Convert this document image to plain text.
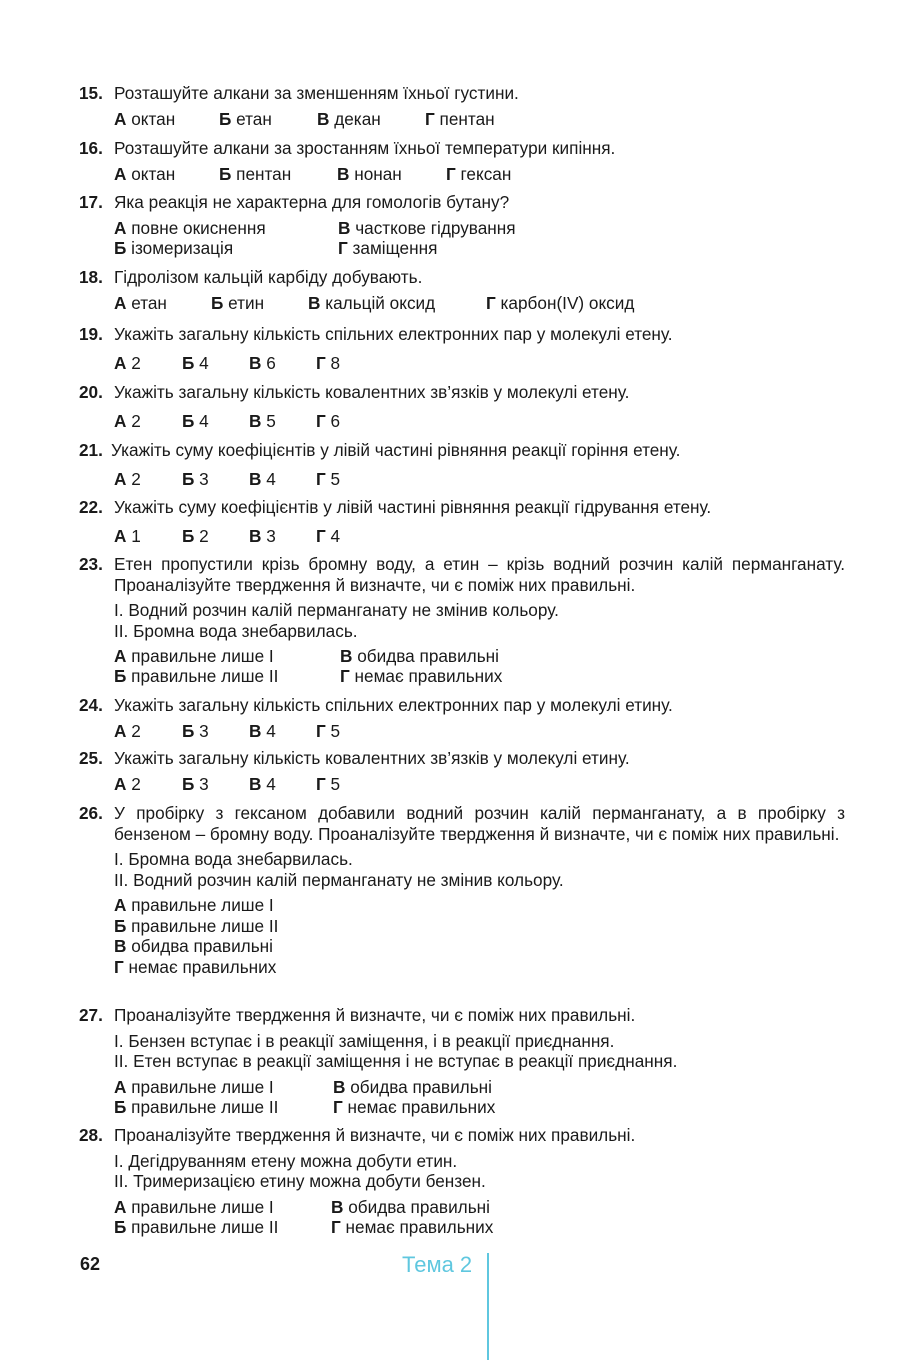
15. Розташуйте алкани за зменшенням їхньої густини.
А октан	Б етан	В декан	Г пентан
16. Розташуйте алкани за зростанням їхньої температури кипіння.
А октан	Б пентан	В нонан	Г гексан
17. Яка реакція не характерна для гомологів бутану?
А повне окиснення	В часткове гідрування
Б ізомеризація	Г заміщення
18. Гідролізом кальцій карбіду добувають.
А етан	Б етин	В кальцій оксид	Г карбон(IV) оксид
19. Укажіть загальну кількість спільних електронних пар у молекулі етену.
А 2 Б 4 В 6 Г 8
20. Укажіть загальну кількість ковалентних зв’язків у молекулі етену.
А 2 Б 4 В 5 Г 6
21. Укажіть суму коефіцієнтів у лівій частині рівняння реакції горіння етену.
А 2 Б 3 В 4 Г 5
22. Укажіть суму коефіцієнтів у лівій частині рівняння реакції гідрування етену.
А 1 Б 2 В 3 Г 4
23. Етен пропустили крізь бромну воду, а етин – крізь водний розчин калій перманганату. Проаналізуйте твердження й визначте, чи є поміж них правильні.
І. Водний розчин калій перманганату не змінив кольору.
ІІ. Бромна вода знебарвилась.
А правильне лише І	В обидва правильні
Б правильне лише ІІ	Г немає правильних
24. Укажіть загальну кількість спільних електронних пар у молекулі етину.
А 2 Б 3 В 4 Г 5
25. Укажіть загальну кількість ковалентних зв’язків у молекулі етину.
А 2 Б 3 В 4 Г 5
26. У пробірку з гексаном добавили водний розчин калій перманганату, а в пробірку з бензеном – бромну воду. Проаналізуйте твердження й визначте, чи є поміж них правильні.
І. Бромна вода знебарвилась.
ІІ. Водний розчин калій перманганату не змінив кольору.
А правильне лише І
Б правильне лише ІІ
В обидва правильні
Г немає правильних
27. Проаналізуйте твердження й визначте, чи є поміж них правильні.
І. Бензен вступає і в реакції заміщення, і в реакції приєднання.
ІІ. Етен вступає в реакції заміщення і не вступає в реакції приєднання.
А правильне лише І	В обидва правильні
Б правильне лише ІІ	Г немає правильних
28. Проаналізуйте твердження й визначте, чи є поміж них правильні.
І. Дегідруванням етену можна добути етин.
ІІ. Тримеризацією етину можна добути бензен.
А правильне лише І	В обидва правильні
Б правильне лише ІІ	Г немає правильних
62	Тема 2
